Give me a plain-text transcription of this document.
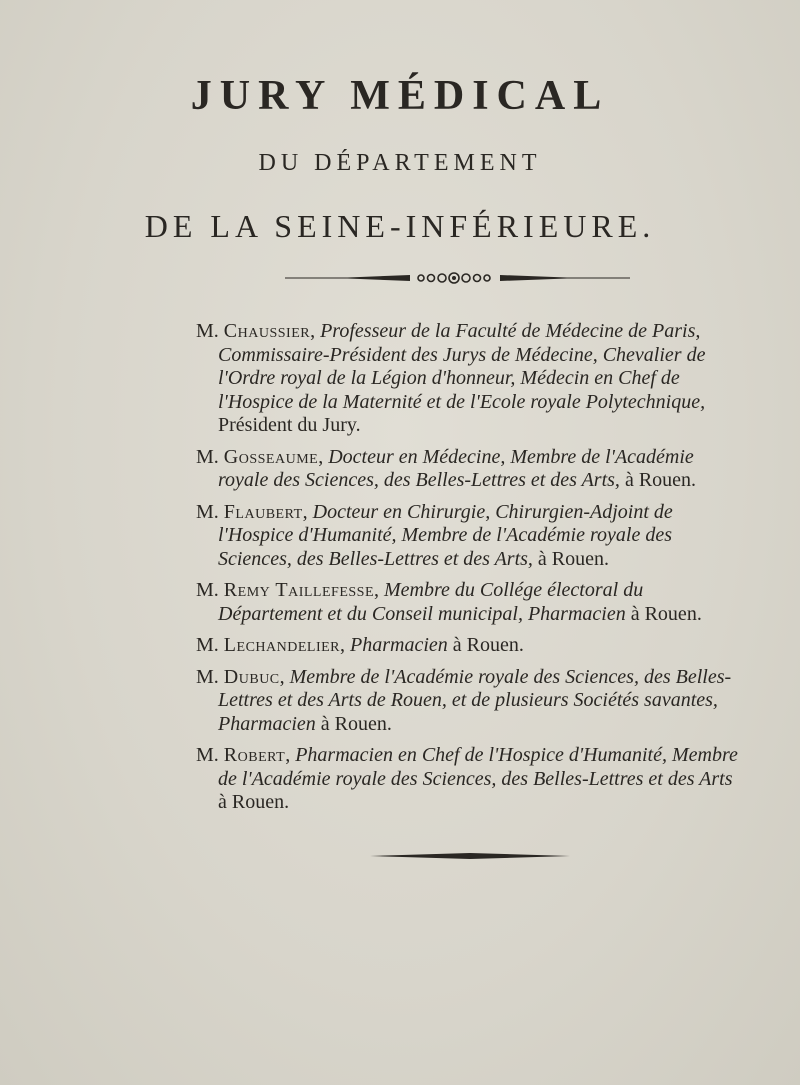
JURY MÉDICAL
DU DÉPARTEMENT
DE LA SEINE-INFÉRIEURE.

M. Chaussier, Professeur de la Faculté de Médecine de Paris, Commissaire-Président des Jurys de Médecine, Chevalier de l'Ordre royal de la Légion d'honneur, Médecin en Chef de l'Hospice de la Maternité et de l'Ecole royale Polytechnique, Président du Jury.

M. Gosseaume, Docteur en Médecine, Membre de l'Académie royale des Sciences, des Belles-Lettres et des Arts, à Rouen.

M. Flaubert, Docteur en Chirurgie, Chirurgien-Adjoint de l'Hospice d'Humanité, Membre de l'Académie royale des Sciences, des Belles-Lettres et des Arts, à Rouen.

M. Remy Taillefesse, Membre du Collége électoral du Département et du Conseil municipal, Pharmacien à Rouen.

M. Lechandelier, Pharmacien à Rouen.

M. Dubuc, Membre de l'Académie royale des Sciences, des Belles-Lettres et des Arts de Rouen, et de plusieurs Sociétés savantes, Pharmacien à Rouen.

M. Robert, Pharmacien en Chef de l'Hospice d'Humanité, Membre de l'Académie royale des Sciences, des Belles-Lettres et des Arts à Rouen.
